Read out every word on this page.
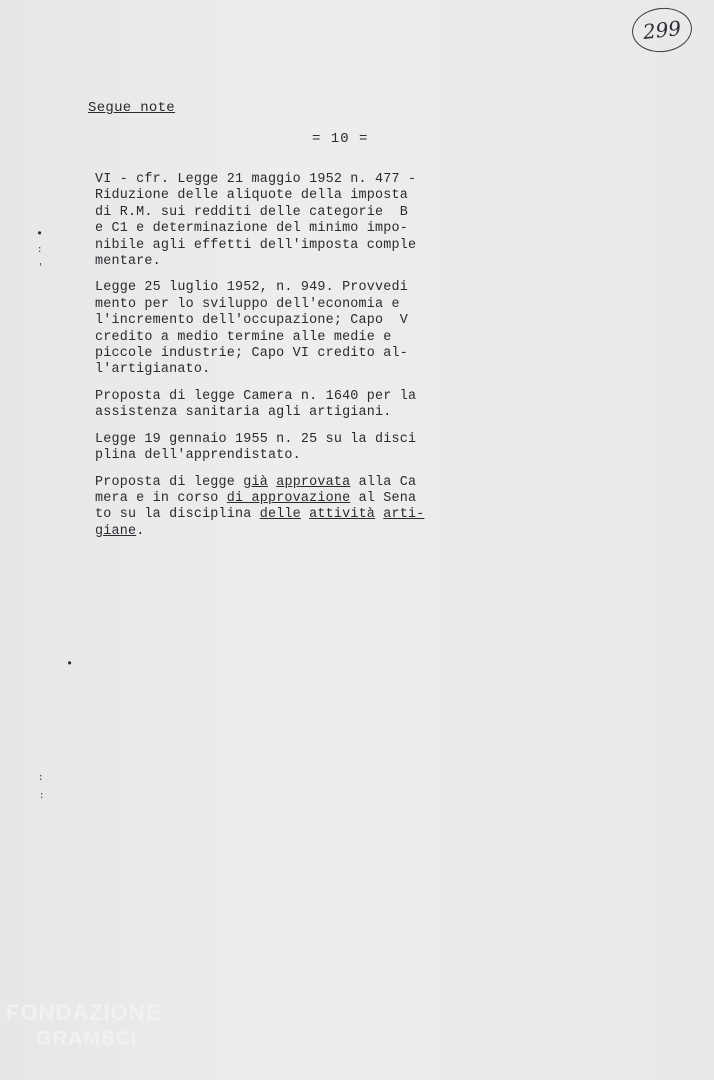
299
Segue note
= 10 =
•
:
'
•
:
:
VI - cfr. Legge 21 maggio 1952 n. 477 -
Riduzione delle aliquote della imposta
di R.M. sui redditi delle categorie  B
e C1 e determinazione del minimo impo-
nibile agli effetti dell'imposta comple
mentare.
Legge 25 luglio 1952, n. 949. Provvedi
mento per lo sviluppo dell'economia e
l'incremento dell'occupazione; Capo  V
credito a medio termine alle medie e
piccole industrie; Capo VI credito al-
l'artigianato.
Proposta di legge Camera n. 1640 per la
assistenza sanitaria agli artigiani.
Legge 19 gennaio 1955 n. 25 su la disci
plina dell'apprendistato.
Proposta di legge già approvata alla Ca
mera e in corso di approvazione al Sena
to su la disciplina delle attività arti-
giane.
FONDAZIONE
GRAMSCI
